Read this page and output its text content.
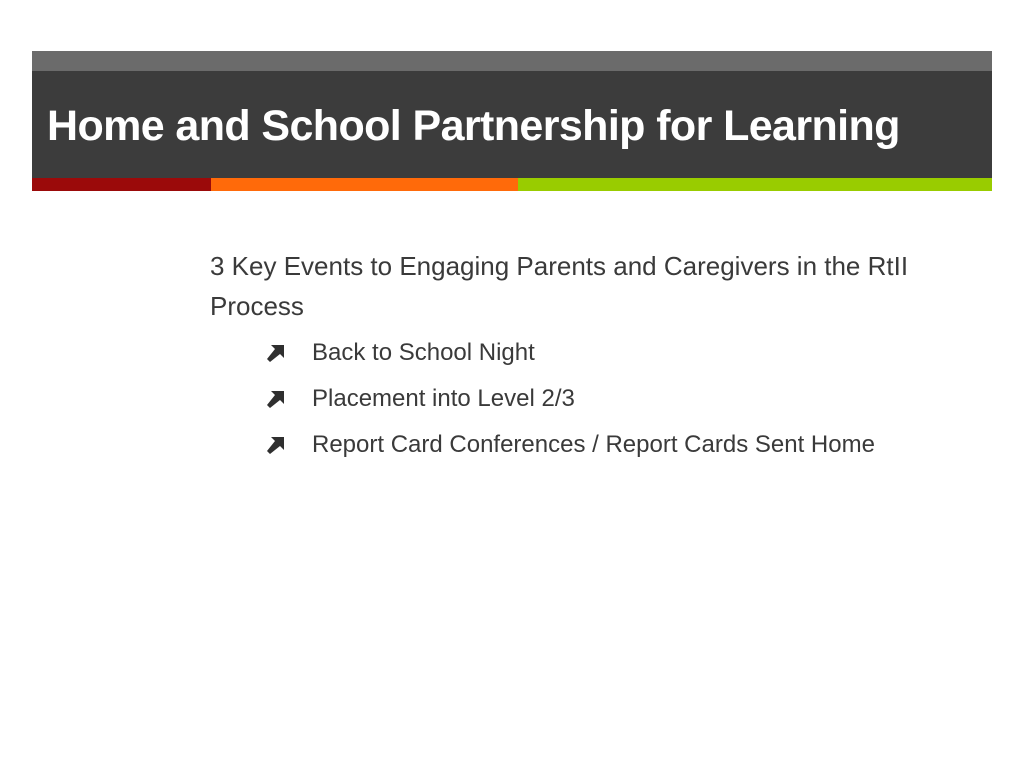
Home and School Partnership for Learning
3 Key Events to Engaging Parents and Caregivers in the RtII Process
Back to School Night
Placement into Level 2/3
Report Card Conferences / Report Cards Sent Home
